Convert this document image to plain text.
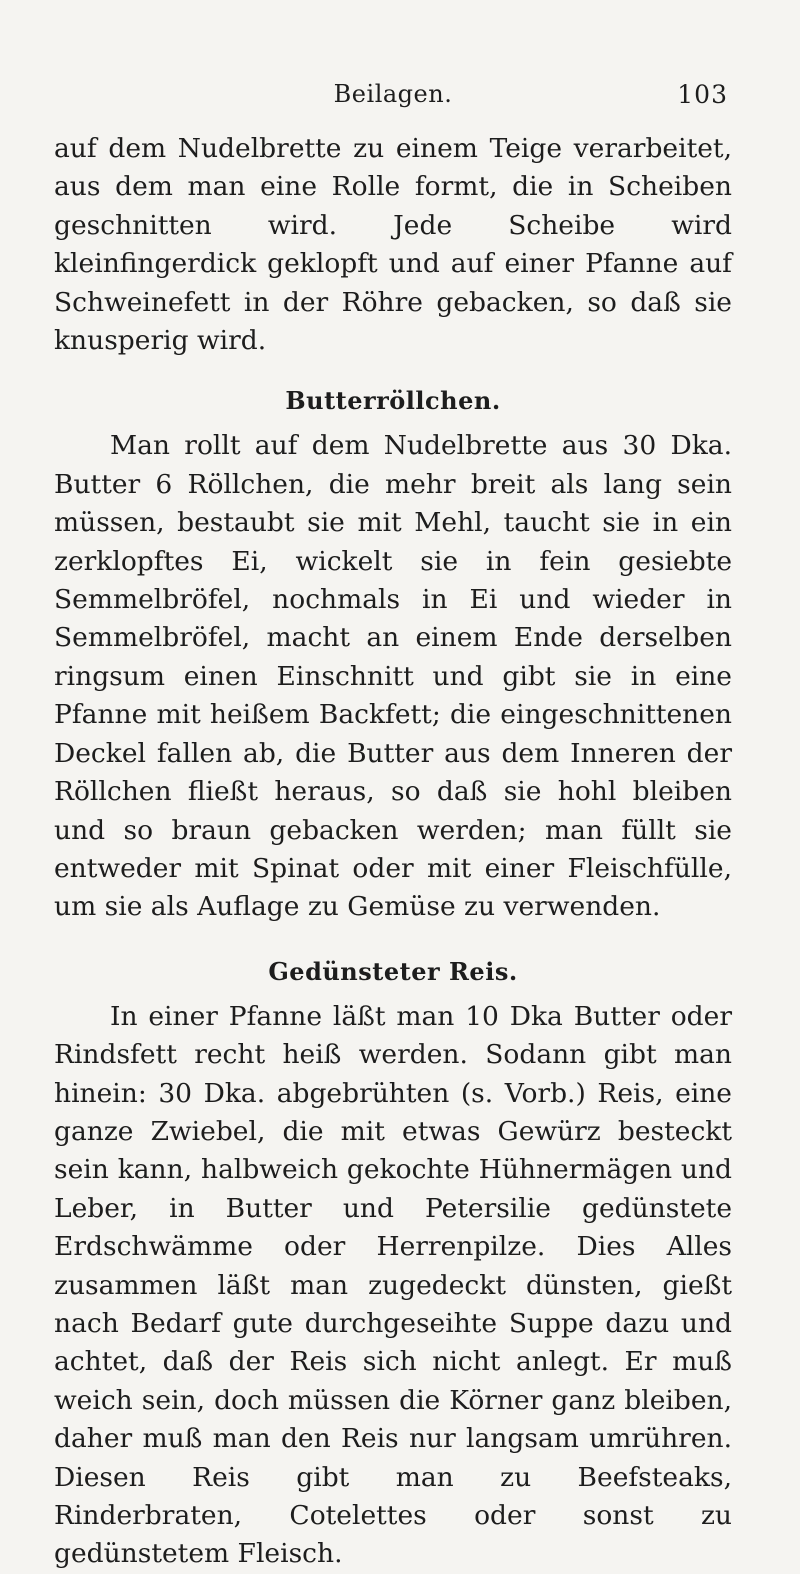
Beilagen.	103

auf dem Nudelbrette zu einem Teige verarbeitet, aus dem man eine Rolle formt, die in Scheiben geschnitten wird. Jede Scheibe wird kleinfingerdick geklopft und auf einer Pfanne auf Schweinefett in der Röhre gebacken, so daß sie knusperig wird.

Butterröllchen.

Man rollt auf dem Nudelbrette aus 30 Dka. Butter 6 Röllchen, die mehr breit als lang sein müssen, bestaubt sie mit Mehl, taucht sie in ein zerklopftes Ei, wickelt sie in fein gesiebte Semmelbröfel, nochmals in Ei und wieder in Semmelbröfel, macht an einem Ende derselben ringsum einen Einschnitt und gibt sie in eine Pfanne mit heißem Backfett; die eingeschnittenen Deckel fallen ab, die Butter aus dem Inneren der Röllchen fließt heraus, so daß sie hohl bleiben und so braun gebacken werden; man füllt sie entweder mit Spinat oder mit einer Fleischfülle, um sie als Auflage zu Gemüse zu verwenden.

Gedünsteter Reis.

In einer Pfanne läßt man 10 Dka Butter oder Rindsfett recht heiß werden. Sodann gibt man hinein: 30 Dka. abgebrühten (s. Vorb.) Reis, eine ganze Zwiebel, die mit etwas Gewürz besteckt sein kann, halbweich gekochte Hühnermägen und Leber, in Butter und Petersilie gedünstete Erdschwämme oder Herrenpilze. Dies Alles zusammen läßt man zugedeckt dünsten, gießt nach Bedarf gute durchgeseihte Suppe dazu und achtet, daß der Reis sich nicht anlegt. Er muß weich sein, doch müssen die Körner ganz bleiben, daher muß man den Reis nur langsam umrühren. Diesen Reis gibt man zu Beefsteaks, Rinderbraten, Cotelettes oder sonst zu gedünstetem Fleisch.
